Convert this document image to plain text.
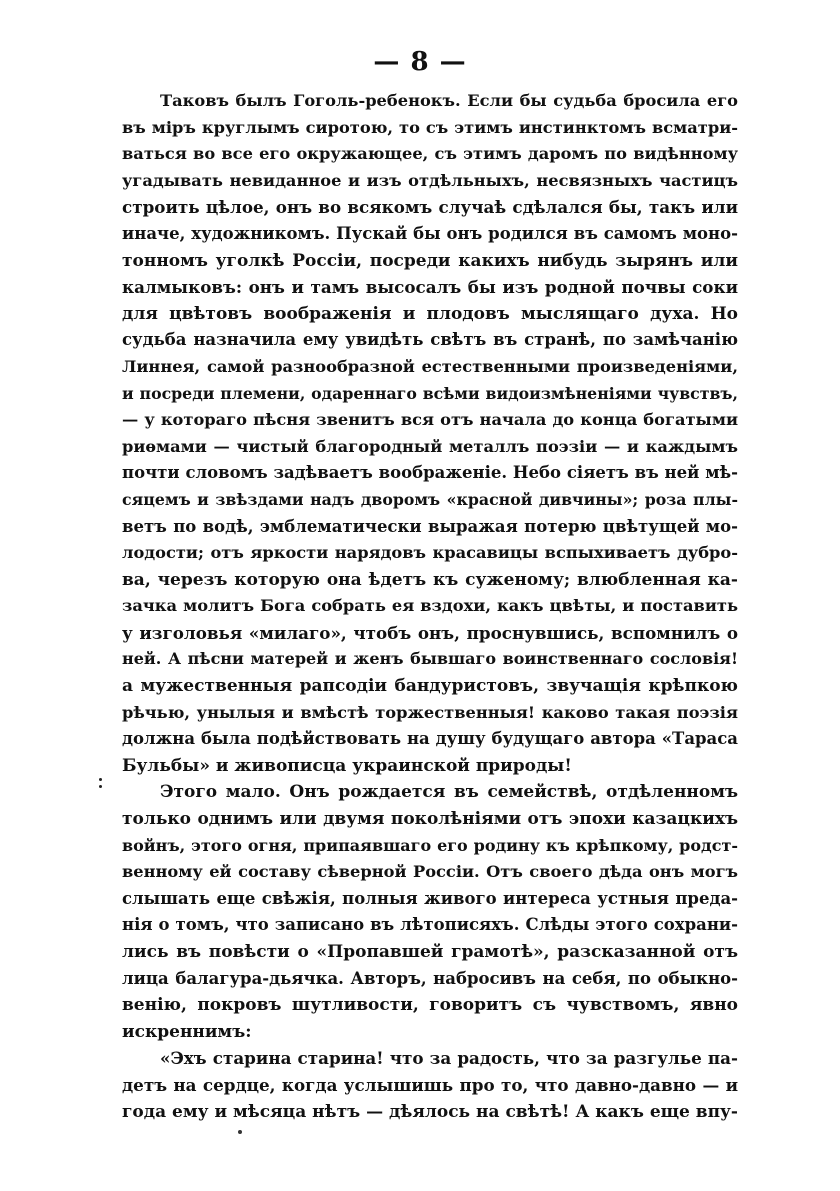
— 8 —
Таковъ былъ Гоголь-ребенокъ. Если бы судьба бросила его
въ міръ круглымъ сиротою, то съ этимъ инстинктомъ всматри-
ваться во все его окружающее, съ этимъ даромъ по видѣнному
угадывать невиданное и изъ отдѣльныхъ, несвязныхъ частицъ
строить цѣлое, онъ во всякомъ случаѣ сдѣлался бы, такъ или
иначе, художникомъ. Пускай бы онъ родился въ самомъ моно-
тонномъ уголкѣ Россіи, посреди какихъ нибудь зырянъ или
калмыковъ: онъ и тамъ высосалъ бы изъ родной почвы соки
для цвѣтовъ воображенія и плодовъ мыслящаго духа. Но
судьба назначила ему увидѣть свѣтъ въ странѣ, по замѣчанію
Линнея, самой разнообразной естественными произведеніями,
и посреди племени, одареннаго всѣми видоизмѣненіями чувствъ,
— у котораго пѣсня звенитъ вся отъ начала до конца богатыми
риѳмами — чистый благородный металлъ поэзіи — и каждымъ
почти словомъ задѣваетъ воображеніе. Небо сіяетъ въ ней мѣ-
сяцемъ и звѣздами надъ дворомъ «красной дивчины»; роза плы-
ветъ по водѣ, эмблематически выражая потерю цвѣтущей мо-
лодости; отъ яркости нарядовъ красавицы вспыхиваетъ дубро-
ва, черезъ которую она ѣдетъ къ суженому; влюбленная ка-
зачка молитъ Бога собрать ея вздохи, какъ цвѣты, и поставить
у изголовья «милаго», чтобъ онъ, проснувшись, вспомнилъ о
ней. А пѣсни матерей и женъ бывшаго воинственнаго сословія!
а мужественныя рапсодіи бандуристовъ, звучащія крѣпкою
рѣчью, унылыя и вмѣстѣ торжественныя! каково такая поэзія
должна была подѣйствовать на душу будущаго автора «Тараса
Бульбы» и живописца украинской природы!
Этого мало. Онъ рождается въ семействѣ, отдѣленномъ
только однимъ или двумя поколѣніями отъ эпохи казацкихъ
войнъ, этого огня, припаявшаго его родину къ крѣпкому, родст-
венному ей составу сѣверной Россіи. Отъ своего дѣда онъ могъ
слышать еще свѣжія, полныя живого интереса устныя преда-
нія о томъ, что записано въ лѣтописяхъ. Слѣды этого сохрани-
лись въ повѣсти о «Пропавшей грамотѣ», разсказанной отъ
лица балагура-дьячка. Авторъ, набросивъ на себя, по обыкно-
венію, покровъ шутливости, говоритъ съ чувствомъ, явно
искреннимъ:
«Эхъ старина старина! что за радость, что за разгулье па-
детъ на сердце, когда услышишь про то, что давно-давно — и
года ему и мѣсяца нѣтъ — дѣялось на свѣтѣ! А какъ еще впу-
